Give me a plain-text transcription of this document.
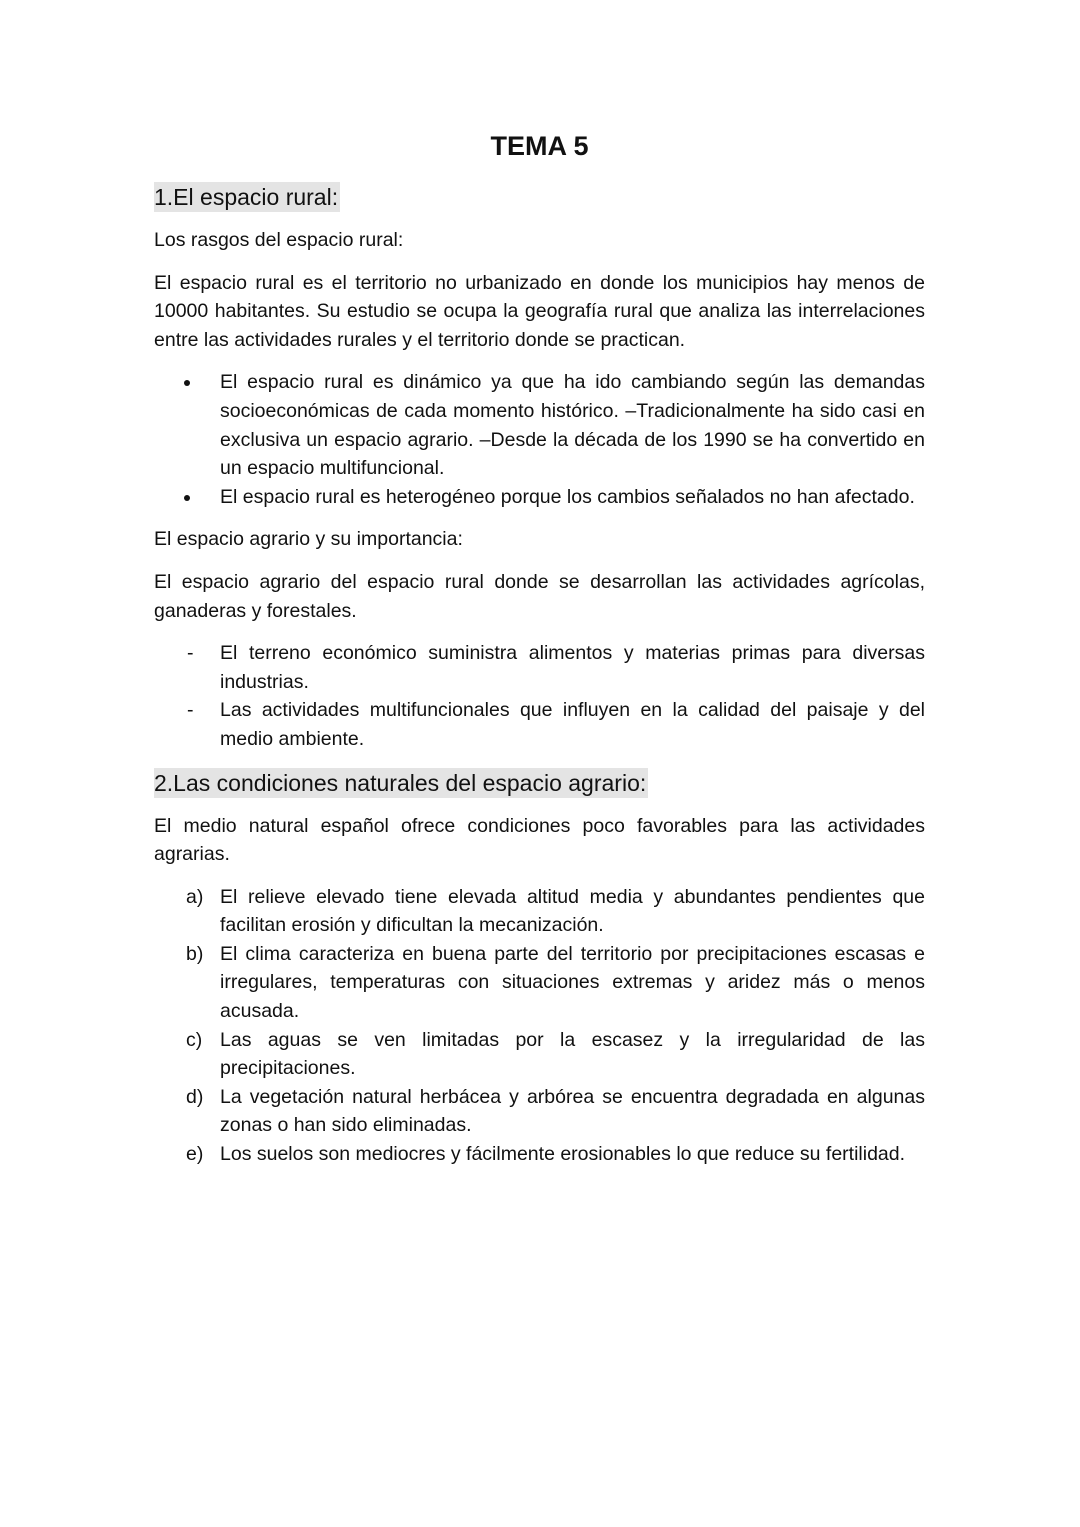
TEMA 5
1.El espacio rural:

Los rasgos del espacio rural:

El espacio rural es el territorio no urbanizado en donde los municipios hay menos de 10000 habitantes. Su estudio se ocupa la geografía rural que analiza las interrelaciones entre las actividades rurales y el territorio donde se practican.

El espacio rural es dinámico ya que ha ido cambiando según las demandas socioeconómicas de cada momento histórico. –Tradicionalmente ha sido casi en exclusiva un espacio agrario. –Desde la década de los 1990 se ha convertido en un espacio multifuncional.
El espacio rural es heterogéneo porque los cambios señalados no han afectado.

El espacio agrario y su importancia:

El espacio agrario del espacio rural donde se desarrollan las actividades agrícolas, ganaderas y forestales.

- El terreno económico suministra alimentos y materias primas para diversas industrias.
- Las actividades multifuncionales que influyen en la calidad del paisaje y del medio ambiente.
2.Las condiciones naturales del espacio agrario:

El medio natural español ofrece condiciones poco favorables para las actividades agrarias.

a) El relieve elevado tiene elevada altitud media y abundantes pendientes que facilitan erosión y dificultan la mecanización.
b) El clima caracteriza en buena parte del territorio por precipitaciones escasas e irregulares, temperaturas con situaciones extremas y aridez más o menos acusada.
c) Las aguas se ven limitadas por la escasez y la irregularidad de las precipitaciones.
d) La vegetación natural herbácea y arbórea se encuentra degradada en algunas zonas o han sido eliminadas.
e) Los suelos son mediocres y fácilmente erosionables lo que reduce su fertilidad.
